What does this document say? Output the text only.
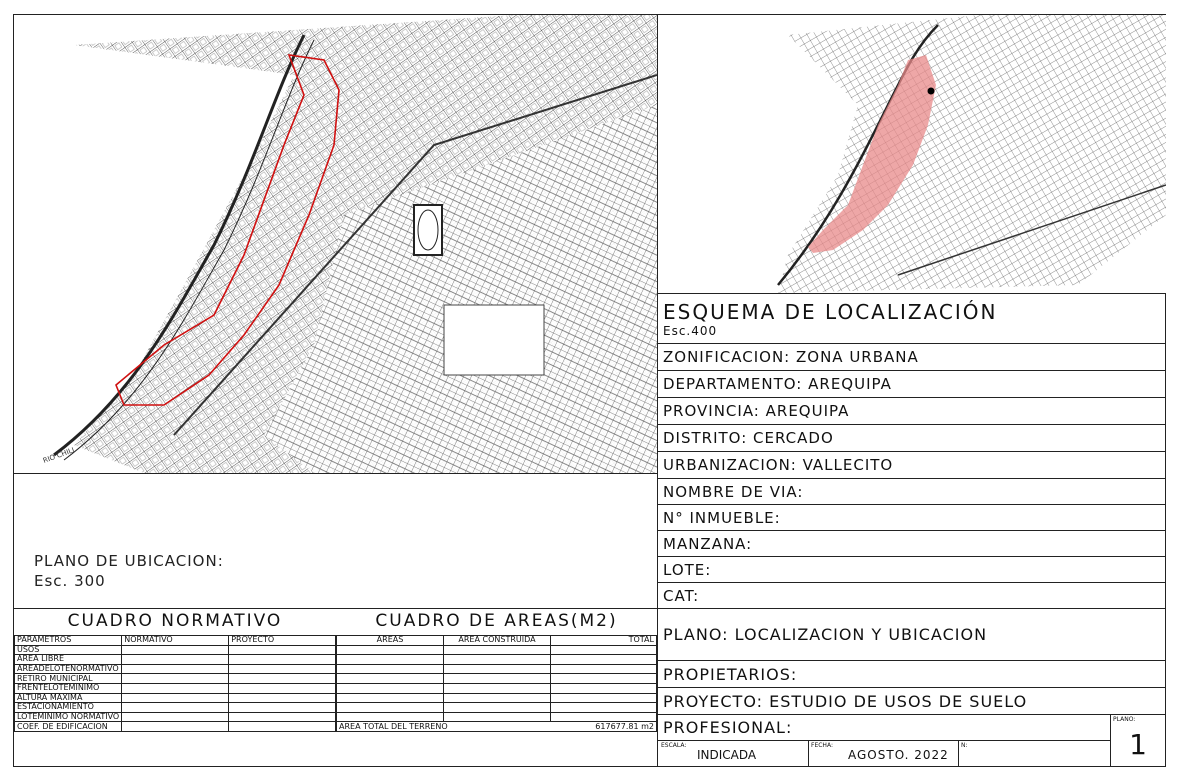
RIO CHILI
ESQUEMA DE LOCALIZACIÓN
Esc.400
ZONIFICACION: ZONA URBANA
DEPARTAMENTO: AREQUIPA
PROVINCIA: AREQUIPA
DISTRITO: CERCADO
URBANIZACION: VALLECITO
NOMBRE DE VIA:
N° INMUEBLE:
MANZANA:
LOTE:
CAT:
PLANO: LOCALIZACION Y UBICACION
PROPIETARIOS:
PROYECTO: ESTUDIO DE USOS DE SUELO
PROFESIONAL:
ESCALA:
INDICADA
FECHA:
AGOSTO. 2022
N:
PLANO:
1
PLANO DE UBICACION:
Esc. 300
CUADRO NORMATIVO	CUADRO DE AREAS(M2)
PARAMETROS	NORMATIVO	PROYECTO
USOS		
AREA LIBRE		
AREADELOTENORMATIVO		
RETIRO MUNICIPAL		
FRENTELOTEMINIMO		
ALTURA MAXIMA		
ESTACIONAMIENTO		
LOTEMINIMO NORMATIVO		
COEF. DE EDIFICACION		
AREAS	AREA CONSTRUIDA	TOTAL

AREA TOTAL DEL TERRENO		617677.81 m2
